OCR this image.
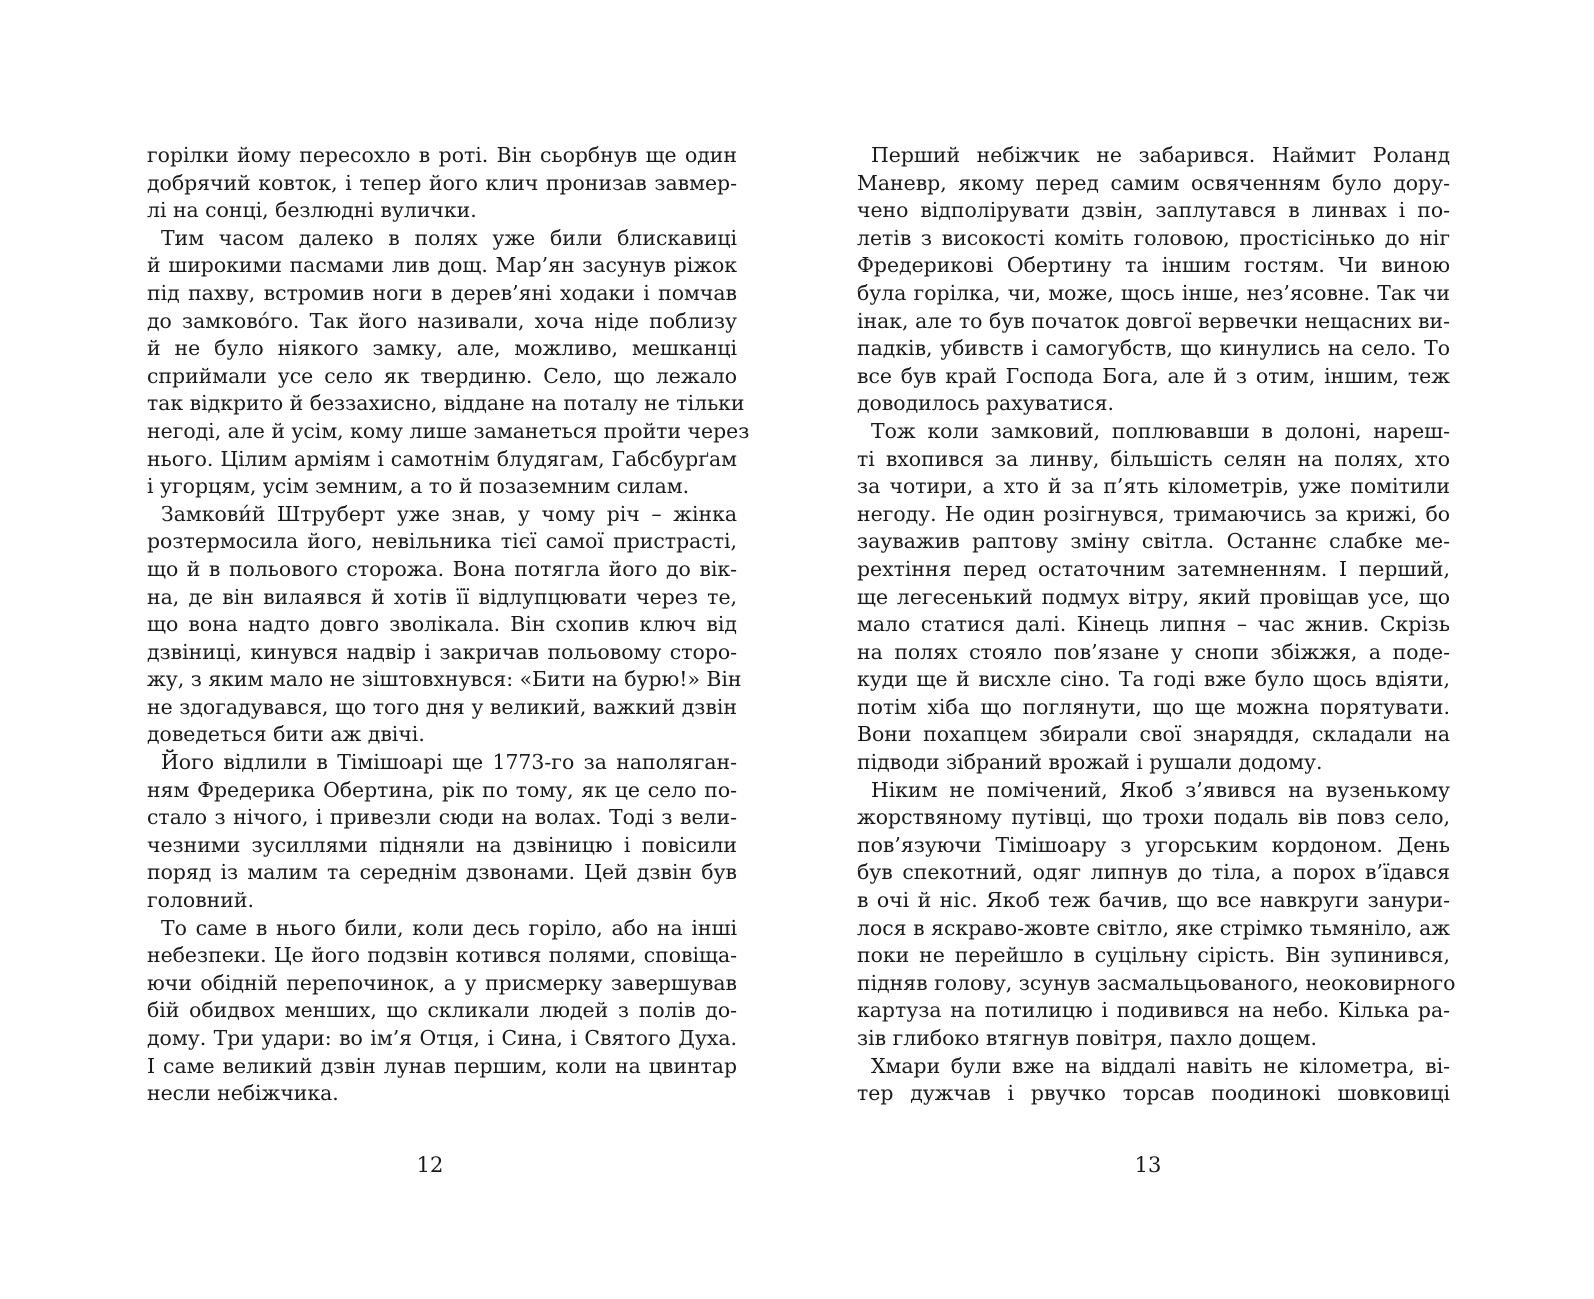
горілки йому пересохло в роті. Він сьорбнув ще один
добрячий ковток, і тепер його клич пронизав завмер-
лі на сонці, безлюдні вулички.
Тим часом далеко в полях уже били блискавиці
й широкими пасмами лив дощ. Мар’ян засунув ріжок
під пахву, встромив ноги в дерев’яні ходаки і помчав
до замково́го. Так його називали, хоча ніде поблизу
й не було ніякого замку, але, можливо, мешканці
сприймали усе село як твердиню. Село, що лежало
так відкрито й беззахисно, віддане на поталу не тільки
негоді, але й усім, кому лише заманеться пройти через
нього. Цілим арміям і самотнім блудягам, Габсбурґам
і угорцям, усім земним, а то й позаземним силам.
Замкови́й Штруберт уже знав, у чому річ – жінка
розтермосила його, невільника тієї самої пристрасті,
що й в польового сторожа. Вона потягла його до вік-
на, де він вилаявся й хотів її відлупцювати через те,
що вона надто довго зволікала. Він схопив ключ від
дзвіниці, кинувся надвір і закричав польовому сторо-
жу, з яким мало не зіштовхнувся: «Бити на бурю!» Він
не здогадувався, що того дня у великий, важкий дзвін
доведеться бити аж двічі.
Його відлили в Тімішоарі ще 1773-го за наполяган-
ням Фредерика Обертина, рік по тому, як це село по-
стало з нічого, і привезли сюди на волах. Тоді з вели-
чезними зусиллями підняли на дзвіницю і повісили
поряд із малим та середнім дзвонами. Цей дзвін був
головний.
То саме в нього били, коли десь горіло, або на інші
небезпеки. Це його подзвін котився полями, сповіща-
ючи обідній перепочинок, а у присмерку завершував
бій обидвох менших, що скликали людей з полів до-
дому. Три удари: во ім’я Отця, і Сина, і Святого Духа.
І саме великий дзвін лунав першим, коли на цвинтар
несли небіжчика.
12
Перший небіжчик не забарився. Наймит Роланд
Маневр, якому перед самим освяченням було дору-
чено відполірувати дзвін, заплутався в линвах і по-
летів з високості коміть головою, простісінько до ніг
Фредерикові Обертину та іншим гостям. Чи виною
була горілка, чи, може, щось інше, нез’ясовне. Так чи
інак, але то був початок довгої вервечки нещасних ви-
падків, убивств і самогубств, що кинулись на село. То
все був край Господа Бога, але й з отим, іншим, теж
доводилось рахуватися.
Тож коли замковий, поплювавши в долоні, нареш-
ті вхопився за линву, більшість селян на полях, хто
за чотири, а хто й за п’ять кілометрів, уже помітили
негоду. Не один розігнувся, тримаючись за крижі, бо
зауважив раптову зміну світла. Останнє слабке ме-
рехтіння перед остаточним затемненням. І перший,
ще легесенький подмух вітру, який провіщав усе, що
мало статися далі. Кінець липня – час жнив. Скрізь
на полях стояло пов’язане у снопи збіжжя, а поде-
куди ще й висхле сіно. Та годі вже було щось вдіяти,
потім хіба що поглянути, що ще можна порятувати.
Вони похапцем збирали свої знаряддя, складали на
підводи зібраний врожай і рушали додому.
Ніким не помічений, Якоб з’явився на вузенькому
жорствяному путівці, що трохи подаль вів повз село,
пов’язуючи Тімішоару з угорським кордоном. День
був спекотний, одяг липнув до тіла, а порох в’їдався
в очі й ніс. Якоб теж бачив, що все навкруги занури-
лося в яскраво-жовте світло, яке стрімко тьмяніло, аж
поки не перейшло в суцільну сірість. Він зупинився,
підняв голову, зсунув засмальцьованого, неоковирного
картуза на потилицю і подивився на небо. Кілька ра-
зів глибоко втягнув повітря, пахло дощем.
Хмари були вже на віддалі навіть не кілометра, ві-
тер дужчав і рвучко торсав поодинокі шовковиці
13
